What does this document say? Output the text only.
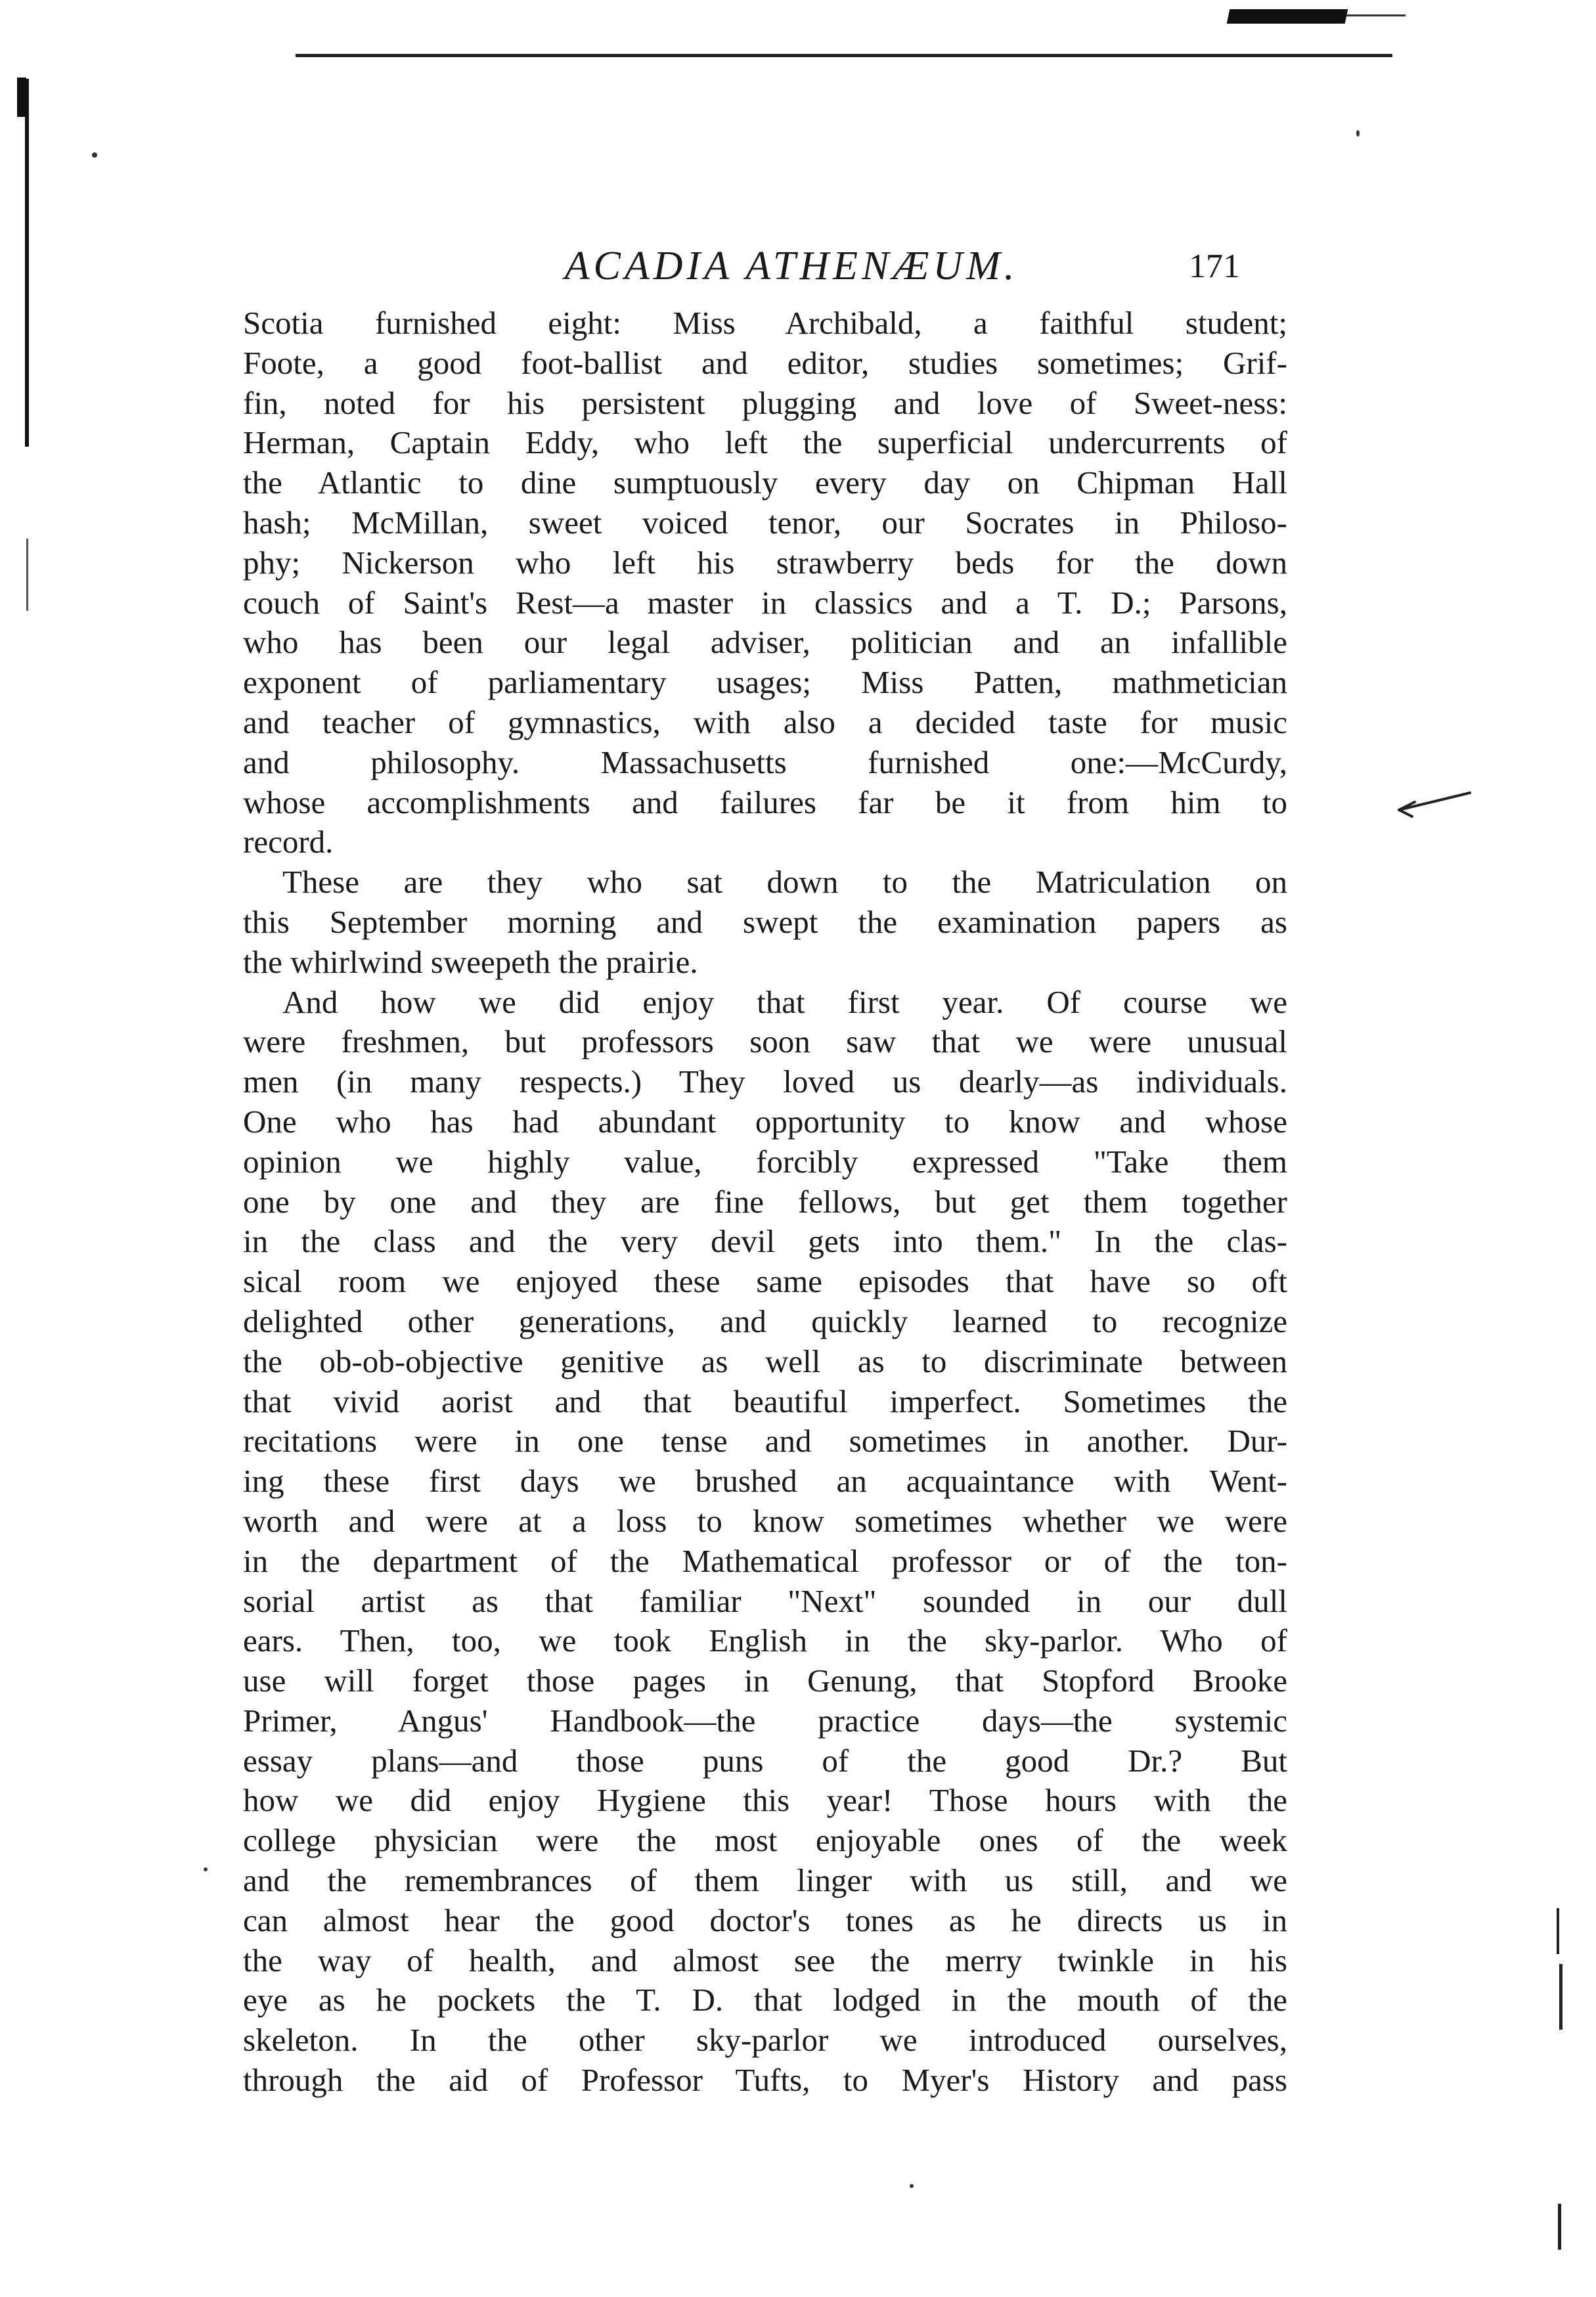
ACADIA ATHENÆUM.	171
Scotia furnished eight: Miss Archibald, a faithful student;
Foote, a good foot-ballist and editor, studies sometimes; Grif-
fin, noted for his persistent plugging and love of Sweet-ness:
Herman, Captain Eddy, who left the superficial undercurrents of
the Atlantic to dine sumptuously every day on Chipman Hall
hash; McMillan, sweet voiced tenor, our Socrates in Philoso-
phy; Nickerson who left his strawberry beds for the down
couch of Saint's Rest—a master in classics and a T. D.; Parsons,
who has been our legal adviser, politician and an infallible
exponent of parliamentary usages; Miss Patten, mathmetician
and teacher of gymnastics, with also a decided taste for music
and philosophy. Massachusetts furnished one:—McCurdy,
whose accomplishments and failures far be it from him to
record.
These are they who sat down to the Matriculation on
this September morning and swept the examination papers as
the whirlwind sweepeth the prairie.
And how we did enjoy that first year. Of course we
were freshmen, but professors soon saw that we were unusual
men (in many respects.) They loved us dearly—as individuals.
One who has had abundant opportunity to know and whose
opinion we highly value, forcibly expressed "Take them
one by one and they are fine fellows, but get them together
in the class and the very devil gets into them." In the clas-
sical room we enjoyed these same episodes that have so oft
delighted other generations, and quickly learned to recognize
the ob-ob-objective genitive as well as to discriminate between
that vivid aorist and that beautiful imperfect. Sometimes the
recitations were in one tense and sometimes in another. Dur-
ing these first days we brushed an acquaintance with Went-
worth and were at a loss to know sometimes whether we were
in the department of the Mathematical professor or of the ton-
sorial artist as that familiar "Next" sounded in our dull
ears. Then, too, we took English in the sky-parlor. Who of
use will forget those pages in Genung, that Stopford Brooke
Primer, Angus' Handbook—the practice days—the systemic
essay plans—and those puns of the good Dr.? But
how we did enjoy Hygiene this year! Those hours with the
college physician were the most enjoyable ones of the week
and the remembrances of them linger with us still, and we
can almost hear the good doctor's tones as he directs us in
the way of health, and almost see the merry twinkle in his
eye as he pockets the T. D. that lodged in the mouth of the
skeleton. In the other sky-parlor we introduced ourselves,
through the aid of Professor Tufts, to Myer's History and pass
